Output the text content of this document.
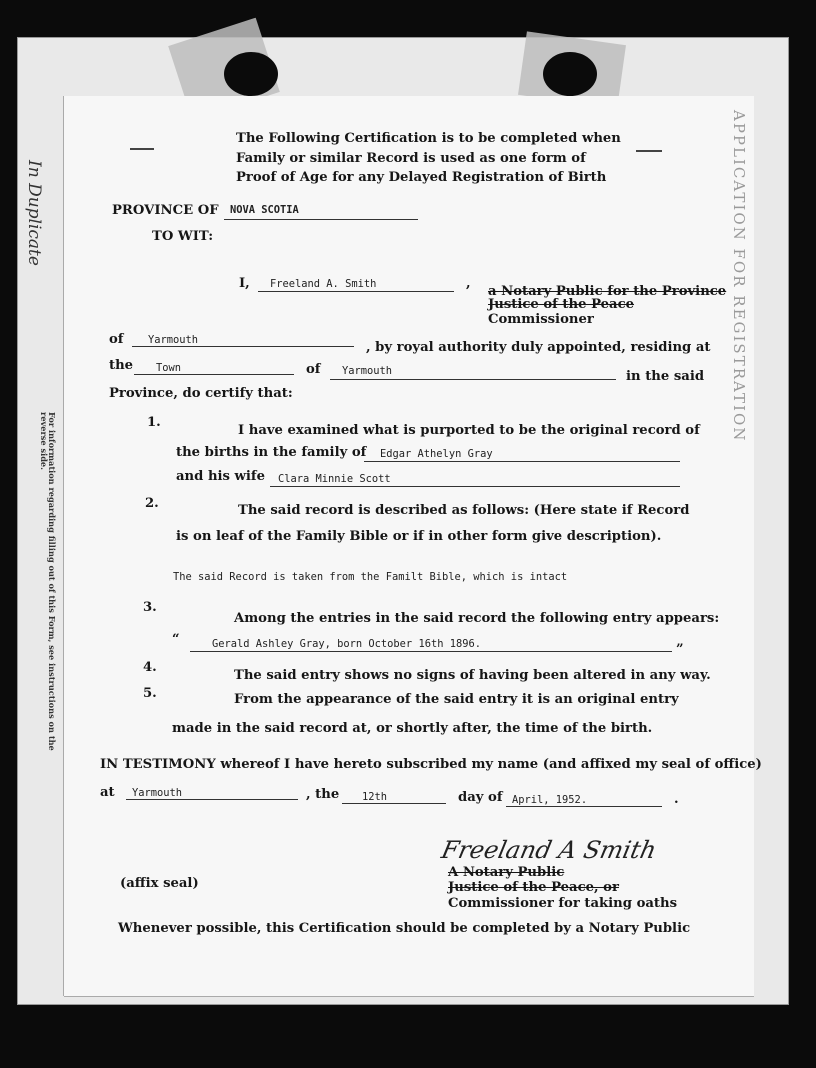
APPLICATION FOR REGISTRATION
In Duplicate
For information regarding filling out of this Form, see instructions on the reverse side.
The Following Certification is to be completed when
Family or similar Record is used as one form of
Proof of Age for any Delayed Registration of Birth
PROVINCE OF NOVA SCOTIA
TO WIT:
I, Freeland A. Smith	,
a Notary Public for the Province
Justice of the Peace
Commissioner
of Yarmouth	, by royal authority duly appointed, residing at
the Town	of Yarmouth	in the said
Province, do certify that:
1.
I have examined what is purported to be the original record of
the births in the family of Edgar Athelyn Gray
and his wife Clara Minnie Scott
2.	The said record is described as follows: (Here state if Record
is on leaf of the Family Bible or if in other form give description).
The said Record is taken from the Familt Bible, which is intact
3.
Among the entries in the said record the following entry appears:
“	Gerald Ashley Gray, born October 16th 1896.	”
4.
The said entry shows no signs of having been altered in any way.
5.	From the appearance of the said entry it is an original entry
made in the said record at, or shortly after, the time of the birth.
IN TESTIMONY whereof I have hereto subscribed my name (and affixed my seal of office)
at Yarmouth	, the 12th	day of April, 1952.	.
Freeland A Smith
A Notary Public
Justice of the Peace, or
Commissioner for taking oaths
(affix seal)
Whenever possible, this Certification should be completed by a Notary Public
